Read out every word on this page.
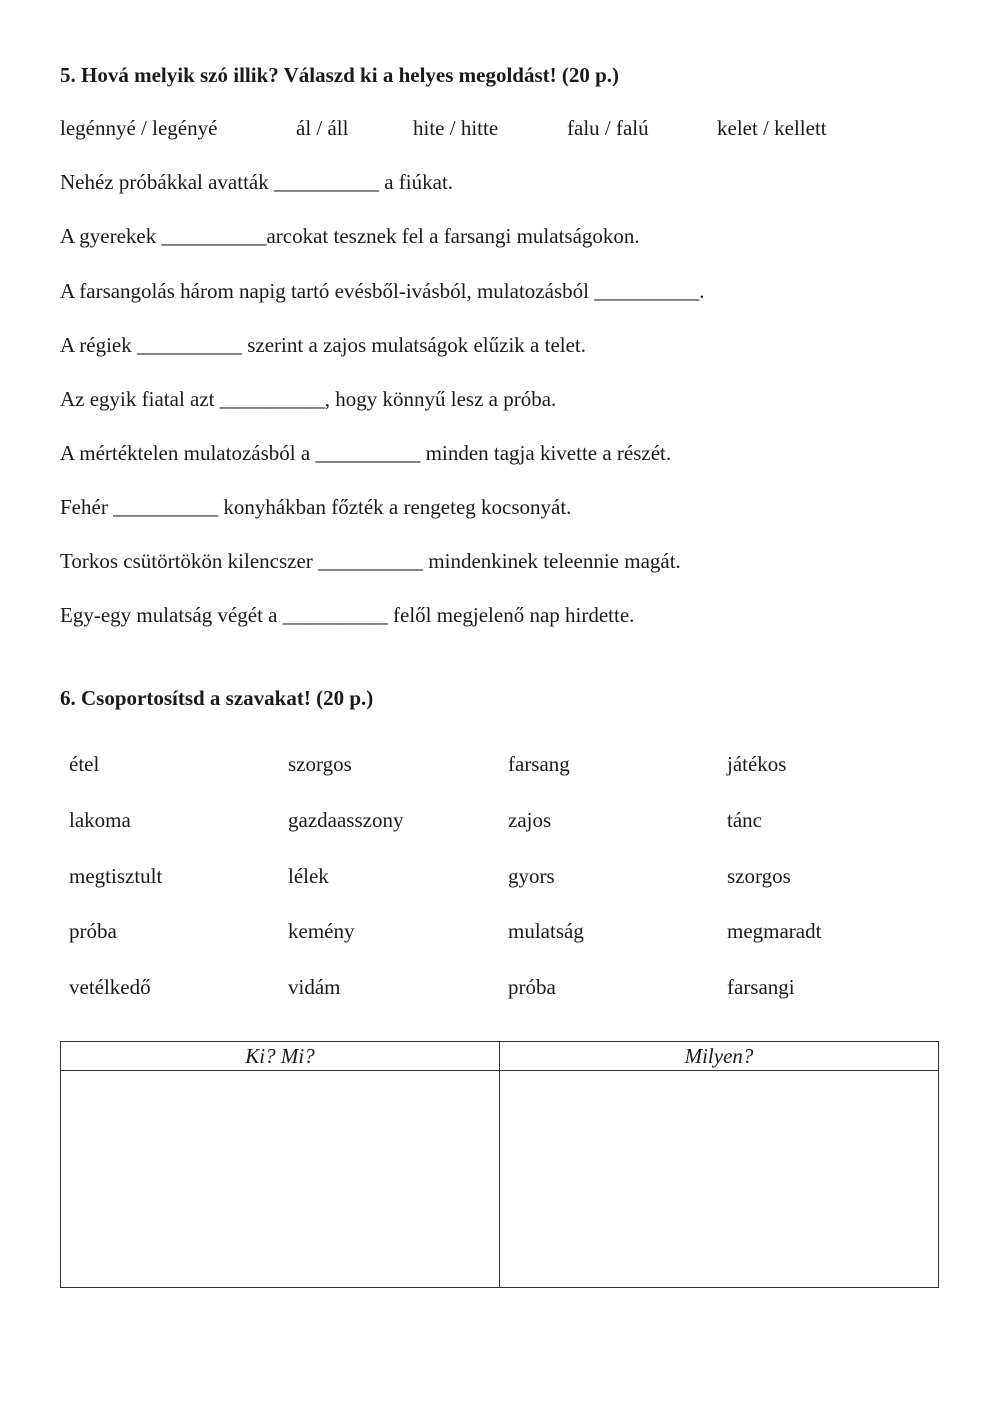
5. Hová melyik szó illik? Válaszd ki a helyes megoldást! (20 p.)
legénnyé / legényé	ál / áll	hite / hitte	falu / falú	kelet / kellett
Nehéz próbákkal avatták __________ a fiúkat.
A gyerekek __________arcokat tesznek fel a farsangi mulatságokon.
A farsangolás három napig tartó evésből-ivásból, mulatozásból __________.
A régiek __________ szerint a zajos mulatságok elűzik a telet.
Az egyik fiatal azt __________, hogy könnyű lesz a próba.
A mértéktelen mulatozásból a __________ minden tagja kivette a részét.
Fehér __________ konyhákban főzték a rengeteg kocsonyát.
Torkos csütörtökön kilencszer __________ mindenkinek teleennie magát.
Egy-egy mulatság végét a __________ felől megjelenő nap hirdette.
6. Csoportosítsd a szavakat! (20 p.)
étel	szorgos	farsang	játékos
lakoma	gazdaasszony	zajos	tánc
megtisztult	lélek	gyors	szorgos
próba	kemény	mulatság	megmaradt
vetélkedő	vidám	próba	farsangi
Ki? Mi?	Milyen?
